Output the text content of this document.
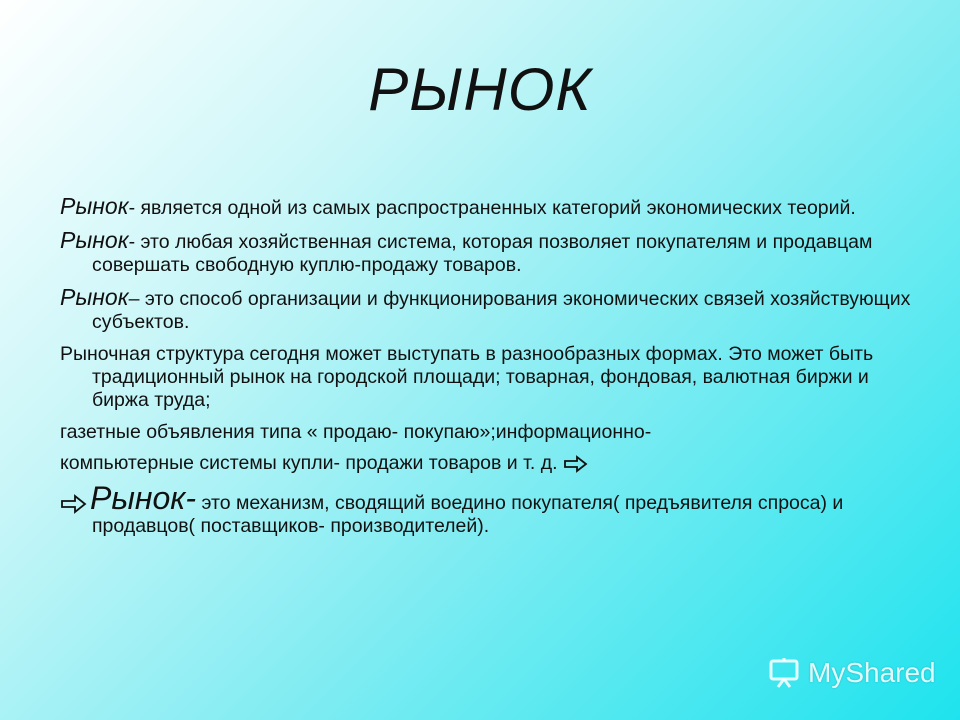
РЫНОК

Рынок- является одной из самых распространенных категорий экономических теорий.

Рынок- это любая хозяйственная система, которая позволяет покупателям и продавцам совершать свободную куплю-продажу товаров.

Рынок– это способ организации и функционирования экономических связей хозяйствующих субъектов.

Рыночная структура сегодня может выступать в разнообразных формах. Это может быть традиционный рынок на городской площади; товарная, фондовая, валютная биржи и биржа труда;

газетные объявления типа « продаю- покупаю»;информационно-
компьютерные системы купли- продажи товаров и т. д.

Рынок- это механизм, сводящий воедино покупателя( предъявителя спроса) и продавцов( поставщиков- производителей).

MyShared
